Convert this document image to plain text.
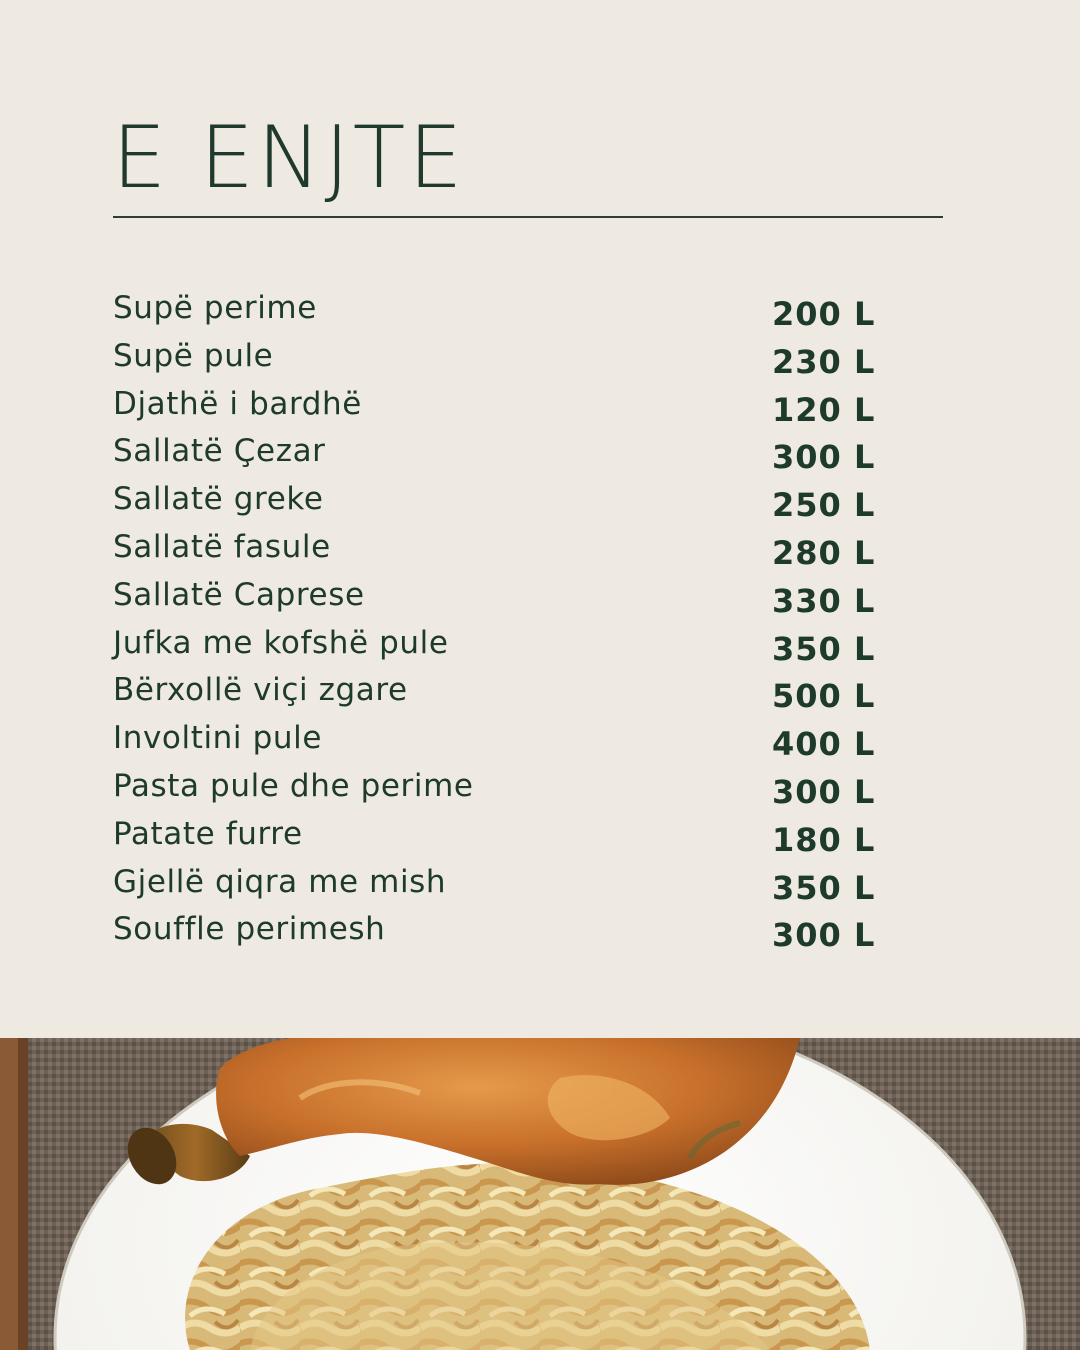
E ENJTE
Supë perime	200 L
Supë pule	230 L
Djathë i bardhë	120 L
Sallatë Çezar	300 L
Sallatë greke	250 L
Sallatë fasule	280 L
Sallatë Caprese	330 L
Jufka me kofshë pule	350 L
Bërxollë viçi zgare	500 L
Involtini pule	400 L
Pasta pule dhe perime	300 L
Patate furre	180 L
Gjellë qiqra me mish	350 L
Souffle perimesh	300 L
